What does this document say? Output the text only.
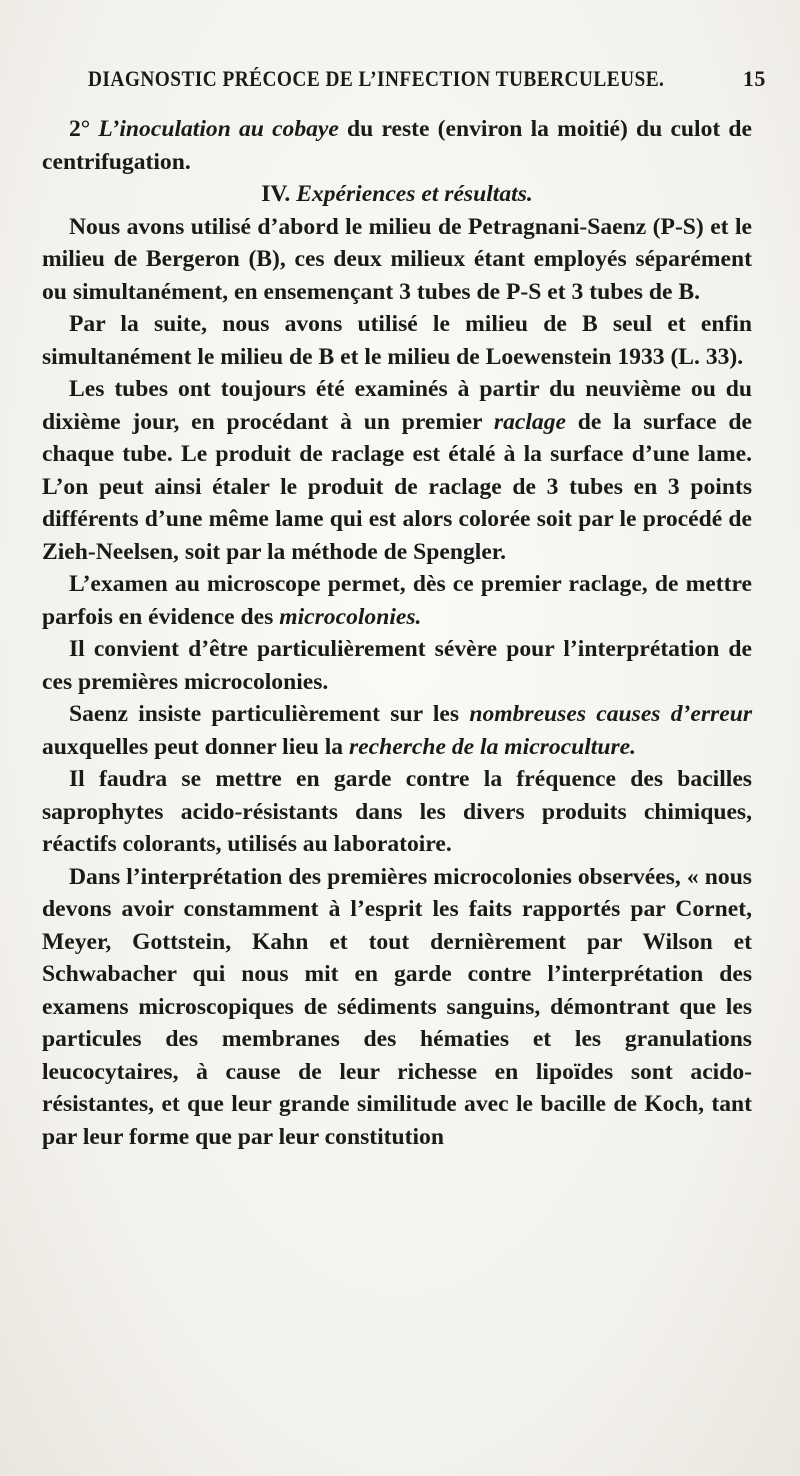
DIAGNOSTIC PRÉCOCE DE L’INFECTION TUBERCULEUSE.	15

2° L’inoculation au cobaye du reste (environ la moitié) du culot de centrifugation.

IV. Expériences et résultats.

Nous avons utilisé d’abord le milieu de Petragnani-Saenz (P-S) et le milieu de Bergeron (B), ces deux milieux étant employés séparément ou simultanément, en ensemençant 3 tubes de P-S et 3 tubes de B.

Par la suite, nous avons utilisé le milieu de B seul et enfin simultanément le milieu de B et le milieu de Loewenstein 1933 (L. 33).

Les tubes ont toujours été examinés à partir du neuvième ou du dixième jour, en procédant à un premier raclage de la surface de chaque tube. Le produit de raclage est étalé à la surface d’une lame. L’on peut ainsi étaler le produit de raclage de 3 tubes en 3 points différents d’une même lame qui est alors colorée soit par le procédé de Zieh-Neelsen, soit par la méthode de Spengler.

L’examen au microscope permet, dès ce premier raclage, de mettre parfois en évidence des microcolonies.

Il convient d’être particulièrement sévère pour l’interprétation de ces premières microcolonies.

Saenz insiste particulièrement sur les nombreuses causes d’erreur auxquelles peut donner lieu la recherche de la microculture.

Il faudra se mettre en garde contre la fréquence des bacilles saprophytes acido-résistants dans les divers produits chimiques, réactifs colorants, utilisés au laboratoire.

Dans l’interprétation des premières microcolonies observées, « nous devons avoir constamment à l’esprit les faits rapportés par Cornet, Meyer, Gottstein, Kahn et tout dernièrement par Wilson et Schwabacher qui nous mit en garde contre l’interprétation des examens microscopiques de sédiments sanguins, démontrant que les particules des membranes des hématies et les granulations leucocytaires, à cause de leur richesse en lipoïdes sont acido-résistantes, et que leur grande similitude avec le bacille de Koch, tant par leur forme que par leur constitution
